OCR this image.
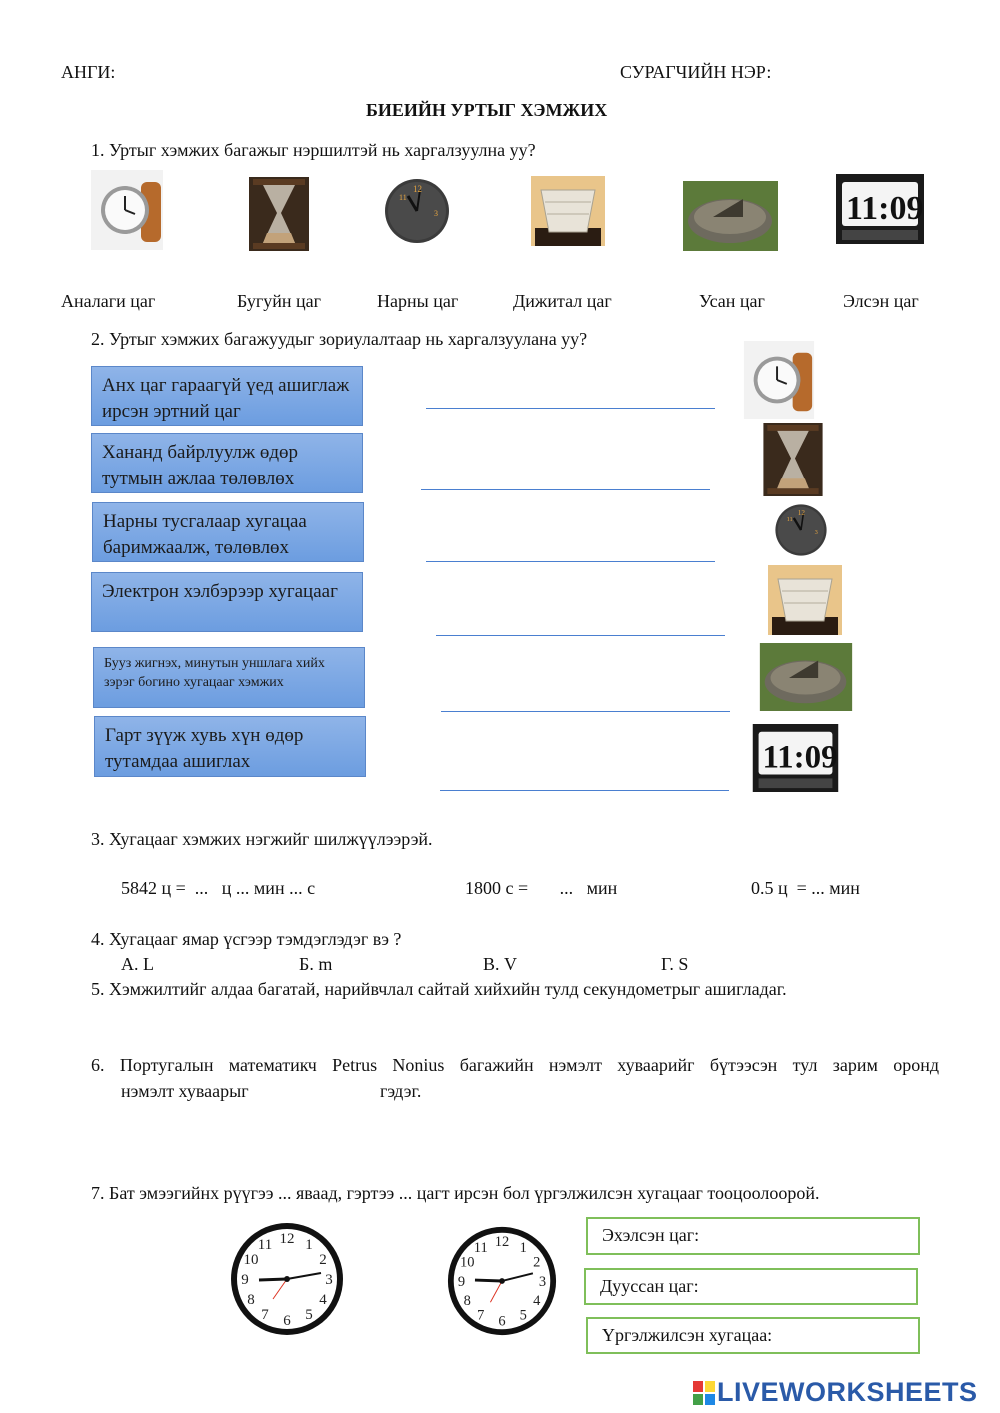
АНГИ:	СУРАГЧИЙН НЭР:
БИЕИЙН УРТЫГ ХЭМЖИХ
1. Уртыг хэмжих багажыг нэршилтэй нь харгалзуулна уу?
12
11
3	11:09
Аналаги цаг	Бугуйн цаг	Нарны цаг	Дижитал цаг	Усан цаг	Элсэн цаг
2. Уртыг хэмжих багажуудыг зориулалтаар нь харгалзуулана уу?
Анх цаг гараагүй үед ашиглаж ирсэн эртний цаг
Хананд байрлуулж өдөр тутмын ажлаа төлөвлөх
Нарны тусгалаар хугацаа баримжаалж, төлөвлөх
Электрон хэлбэрээр хугацааг
Бууз жигнэх, минутын уншлага хийх зэрэг богино хугацааг хэмжих
Гарт зүүж хувь хүн өдөр тутамдаа ашиглах
12
11
3
11:09
3. Хугацааг хэмжих нэгжийг шилжүүлээрэй.
5842 ц =  ...   ц ... мин ... с	1800 с =       ...   мин	0.5 ц  = ... мин
4. Хугацааг ямар үсгээр тэмдэглэдэг вэ ?
А. L	Б. m	В. V	Г. S
5. Хэмжилтийг алдаа багатай, нарийвчлал сайтай хийхийн тулд секундометрыг ашигладаг.
6. Португалын математикч Petrus Nonius багажийн нэмэлт хуваарийг бүтээсэн тул зарим оронд
нэмэлт хуваарыг	гэдэг.
7. Бат эмээгийнх рүүгээ ... яваад, гэртээ ... цагт ирсэн бол үргэлжилсэн хугацааг тооцоолоорой.
12 1
2
3
4
5
6
7
8
9
10
11	12 1
2
3
4
5
6
7
8
9
10
11
Эхэлсэн цаг:
Дууссан цаг:
Үргэлжилсэн хугацаа:
LIVEWORKSHEETS
